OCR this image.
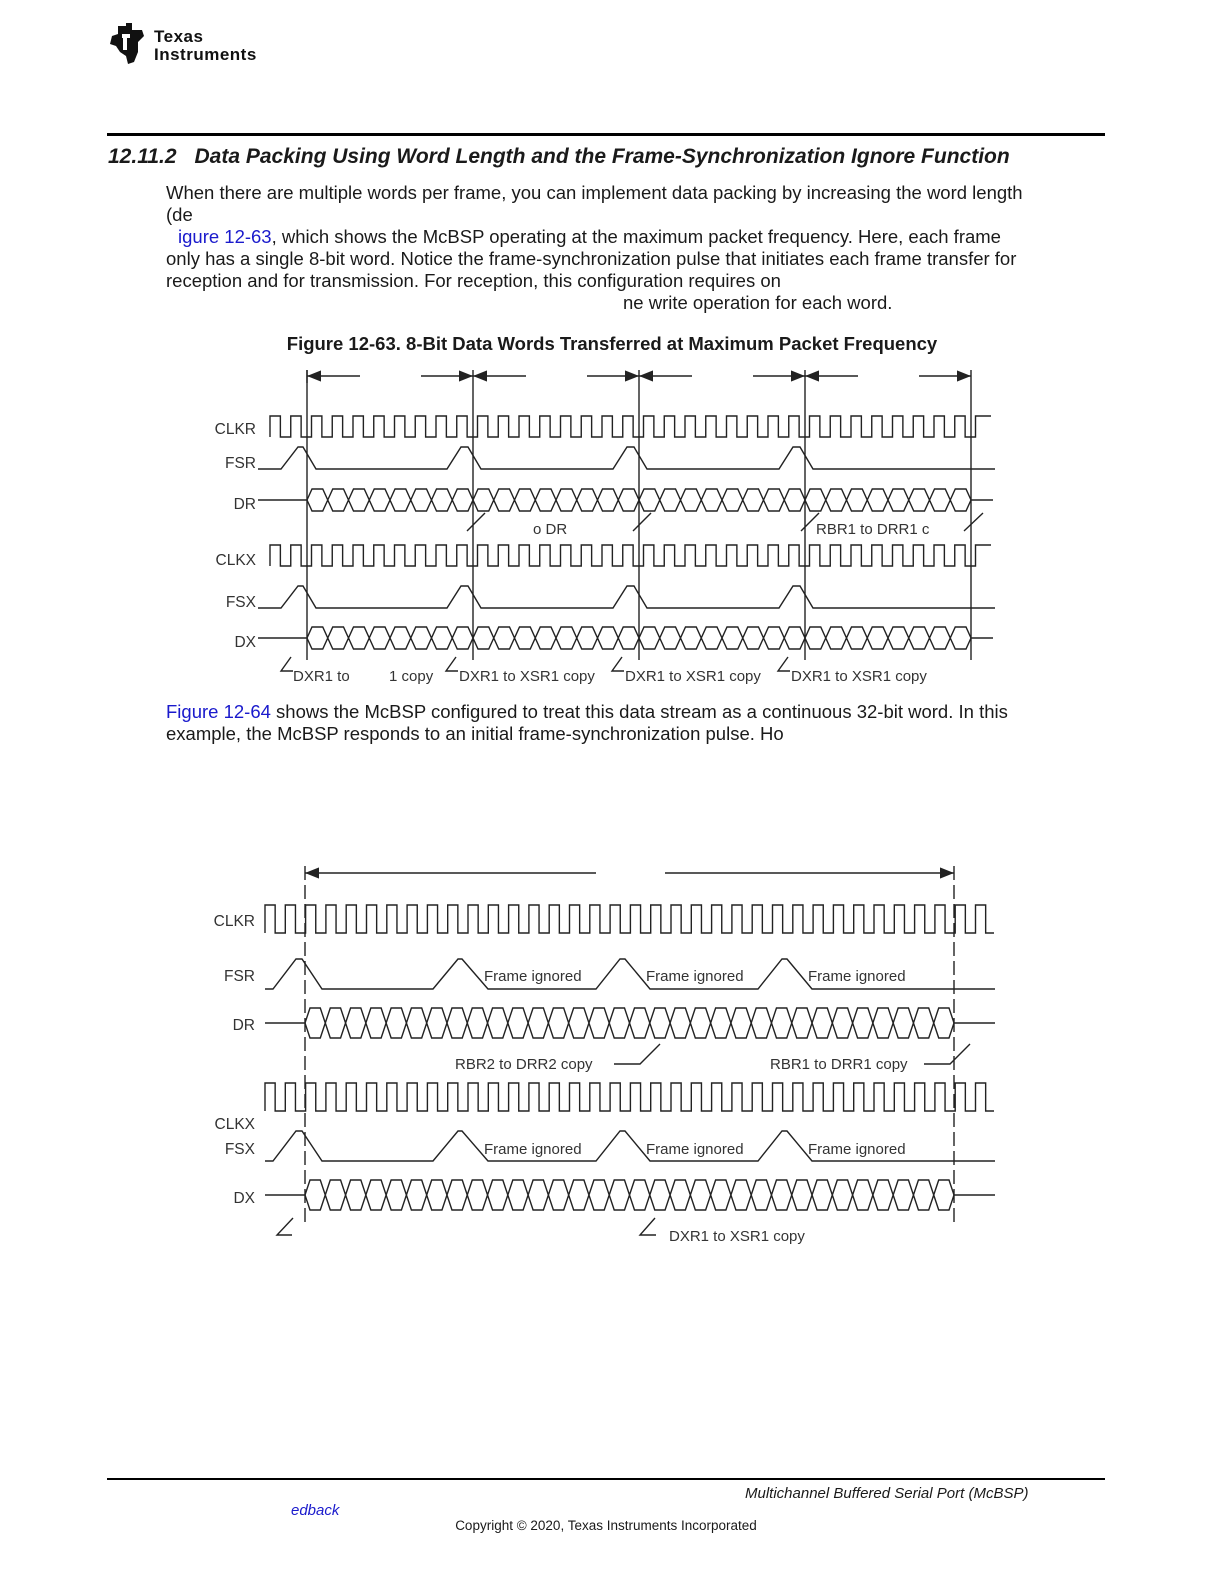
Texas
Instruments
12.11.2 Data Packing Using Word Length and the Frame-Synchronization Ignore Function
When there are multiple words per frame, you can implement data packing by increasing the word length
(de
igure 12-63, which shows the McBSP operating at the maximum packet frequency. Here, each frame
only has a single 8-bit word. Notice the frame-synchronization pulse that initiates each frame transfer for
reception and for transmission. For reception, this configuration requires on
ne write operation for each word.
Figure 12-63. 8-Bit Data Words Transferred at Maximum Packet Frequency
CLKR
FSR
DR
CLKX
FSX
DX
o DR	RBR1 to DRR1 c
DXR1 to	1 copy DXR1 to XSR1 copy DXR1 to XSR1 copy DXR1 to XSR1 copy
CLKR
FSR
DR
CLKX
FSX
DX
Frame ignored	Frame ignored	Frame ignored
RBR2 to DRR2 copy	RBR1 to DRR1 copy
Frame ignored	Frame ignored	Frame ignored
DXR1 to XSR1 copy
Figure 12-64 shows the McBSP configured to treat this data stream as a continuous 32-bit word. In this
example, the McBSP responds to an initial frame-synchronization pulse. Ho
Multichannel Buffered Serial Port (McBSP)
edback
Copyright © 2020, Texas Instruments Incorporated
